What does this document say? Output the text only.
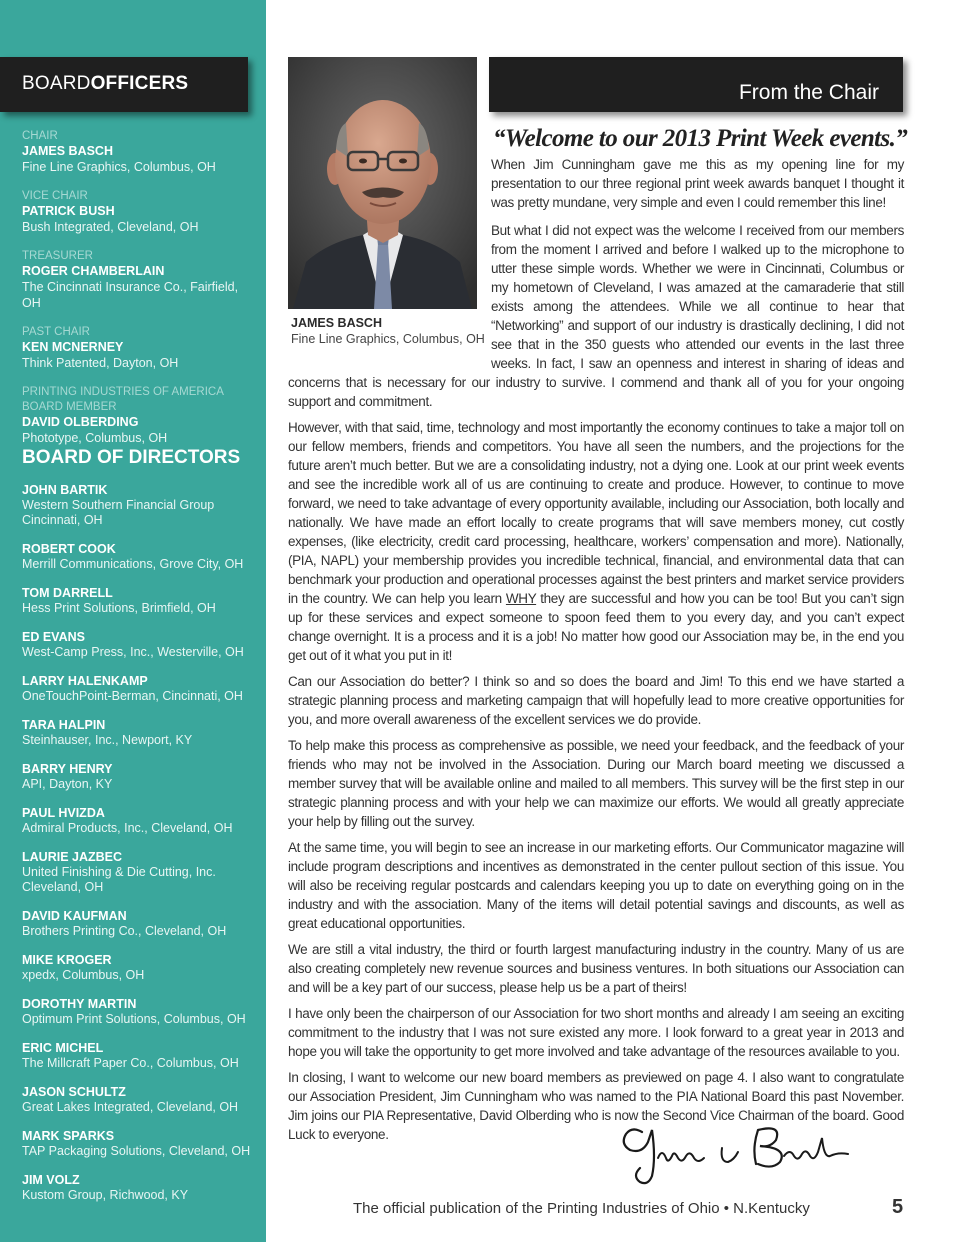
BOARDOFFICERS
CHAIR
JAMES BASCH
Fine Line Graphics, Columbus, OH
VICE CHAIR
PATRICK BUSH
Bush Integrated, Cleveland, OH
TREASURER
ROGER CHAMBERLAIN
The Cincinnati Insurance Co., Fairfield, OH
PAST CHAIR
KEN MCNERNEY
Think Patented, Dayton, OH
PRINTING INDUSTRIES OF AMERICA BOARD MEMBER
DAVID OLBERDING
Phototype, Columbus, OH
BOARD OF DIRECTORS
JOHN BARTIK
Western Southern Financial Group
Cincinnati, OH
ROBERT COOK
Merrill Communications, Grove City, OH
TOM DARRELL
Hess Print Solutions, Brimfield, OH
ED EVANS
West-Camp Press, Inc., Westerville, OH
LARRY HALENKAMP
OneTouchPoint-Berman, Cincinnati, OH
TARA HALPIN
Steinhauser, Inc., Newport, KY
BARRY HENRY
API, Dayton, KY
PAUL HVIZDA
Admiral Products, Inc., Cleveland, OH
LAURIE JAZBEC
United Finishing & Die Cutting, Inc.
Cleveland, OH
DAVID KAUFMAN
Brothers Printing Co., Cleveland, OH
MIKE KROGER
xpedx, Columbus, OH
DOROTHY MARTIN
Optimum Print Solutions, Columbus, OH
ERIC MICHEL
The Millcraft Paper Co., Columbus, OH
JASON SCHULTZ
Great Lakes Integrated, Cleveland, OH
MARK SPARKS
TAP Packaging Solutions, Cleveland, OH
JIM VOLZ
Kustom Group, Richwood, KY
From the Chair
JAMES BASCH
Fine Line Graphics, Columbus, OH
“Welcome to our 2013 Print Week events.”

When Jim Cunningham gave me this as my opening line for my presentation to our three regional print week awards banquet I thought it was pretty mundane, very simple and even I could remember this line!

But what I did not expect was the welcome I received from our members from the moment I arrived and before I walked up to the microphone to utter these simple words. Whether we were in Cincinnati, Columbus or my hometown of Cleveland, I was amazed at the camaraderie that still exists among the attendees. While we all continue to hear that “Networking” and support of our industry is drastically declining, I did not see that in the 350 guests who attended our events in the last three weeks. In fact, I saw an openness and interest in sharing of ideas and concerns that is necessary for our industry to survive. I commend and thank all of you for your ongoing support and commitment.

However, with that said, time, technology and most importantly the economy continues to take a major toll on our fellow members, friends and competitors. You have all seen the numbers, and the projections for the future aren’t much better. But we are a consolidating industry, not a dying one. Look at our print week events and see the incredible work all of us are continuing to create and produce. However, to continue to move forward, we need to take advantage of every opportunity available, including our Association, both locally and nationally. We have made an effort locally to create programs that will save members money, cut costly expenses, (like electricity, credit card processing, healthcare, workers’ compensation and more). Nationally, (PIA, NAPL) your membership provides you incredible technical, financial, and environmental data that can benchmark your production and operational processes against the best printers and market service providers in the country. We can help you learn WHY they are successful and how you can be too! But you can’t sign up for these services and expect someone to spoon feed them to you every day, and you can’t expect change overnight. It is a process and it is a job! No matter how good our Association may be, in the end you get out of it what you put in it!

Can our Association do better? I think so and so does the board and Jim! To this end we have started a strategic planning process and marketing campaign that will hopefully lead to more creative opportunities for you, and more overall awareness of the excellent services we do provide.

To help make this process as comprehensive as possible, we need your feedback, and the feedback of your friends who may not be involved in the Association. During our March board meeting we discussed a member survey that will be available online and mailed to all members. This survey will be the first step in our strategic planning process and with your help we can maximize our efforts. We would all greatly appreciate your help by filling out the survey.

At the same time, you will begin to see an increase in our marketing efforts. Our Communicator magazine will include program descriptions and incentives as demonstrated in the center pullout section of this issue. You will also be receiving regular postcards and calendars keeping you up to date on everything going on in the industry and with the association. Many of the items will detail potential savings and discounts, as well as great educational opportunities.

We are still a vital industry, the third or fourth largest manufacturing industry in the country. Many of us are also creating completely new revenue sources and business ventures. In both situations our Association can and will be a key part of our success, please help us be a part of theirs!

I have only been the chairperson of our Association for two short months and already I am seeing an exciting commitment to the industry that I was not sure existed any more. I look forward to a great year in 2013 and hope you will take the opportunity to get more involved and take advantage of the resources available to you.

In closing, I want to welcome our new board members as previewed on page 4. I also want to congratulate our Association President, Jim Cunningham who was named to the PIA National Board this past November. Jim joins our PIA Representative, David Olberding who is now the Second Vice Chairman of the board. Good Luck to everyone.

The official publication of the Printing Industries of Ohio • N.Kentucky	5
